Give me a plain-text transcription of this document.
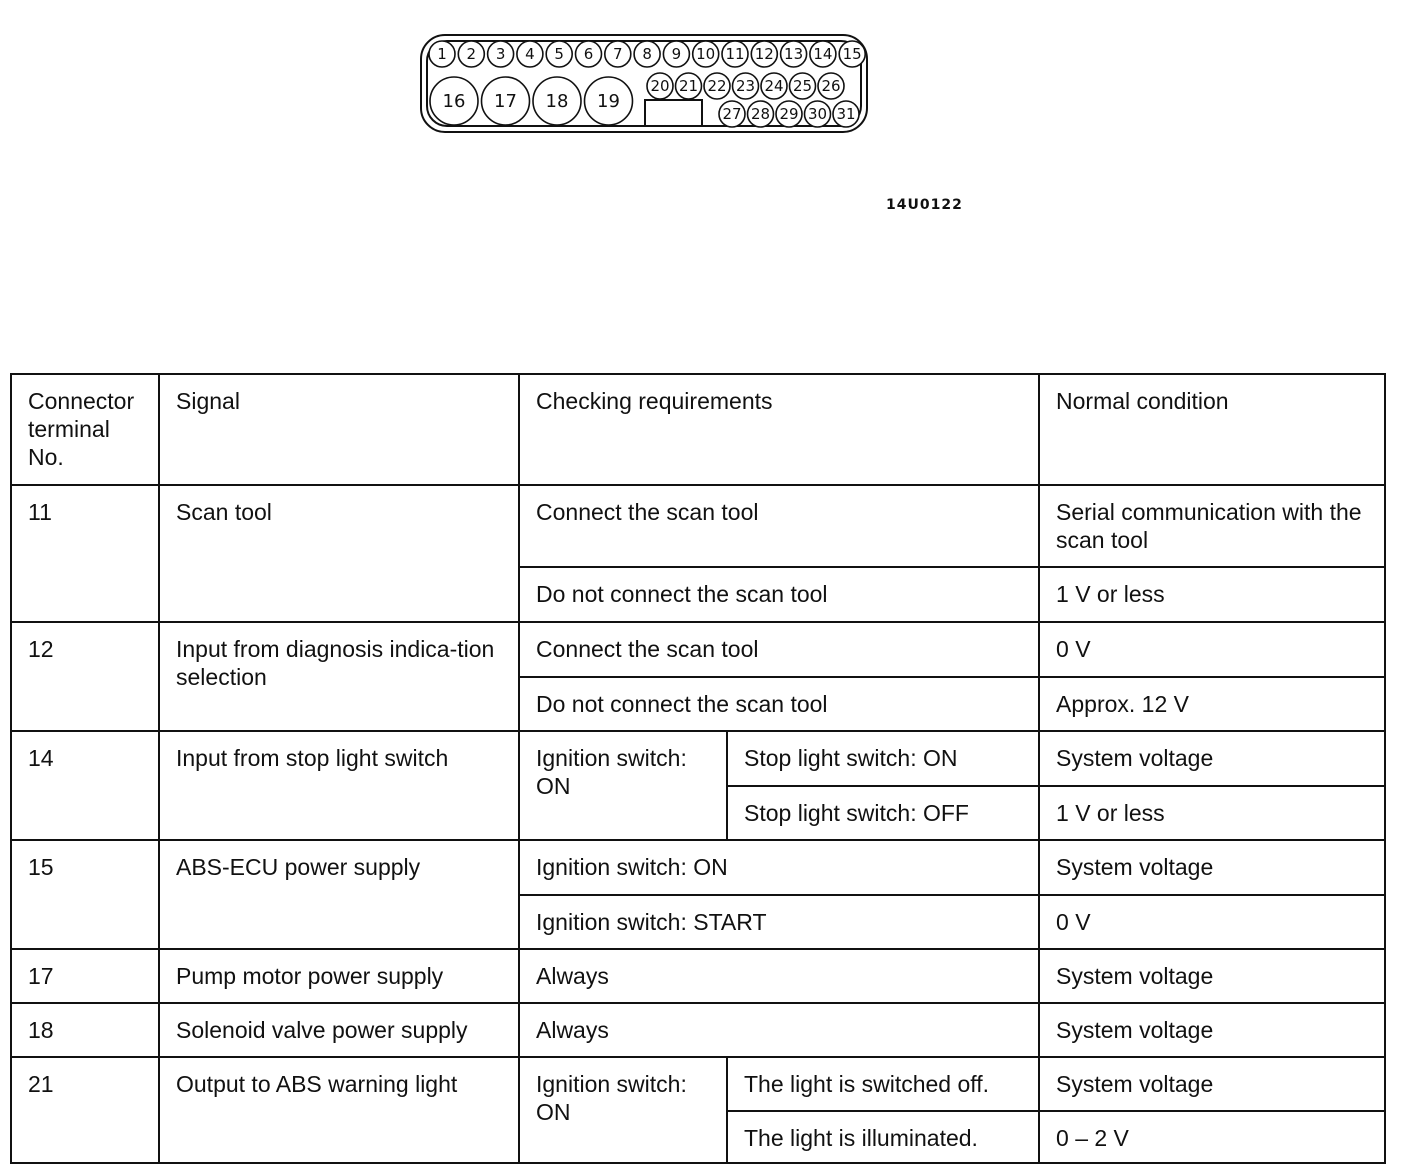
1 2 3 4 5 6 7 8 9 10 11 12 13 14 15
16 17 18 19
20 21 22 23 24 25 26
27 28 29 30 31
14U0122
Connector terminal No.	Signal	Checking requirements		Normal condition
11	Scan tool	Connect the scan tool		Serial communication with the scan tool
		Do not connect the scan tool		1 V or less
12	Input from diagnosis indica-tion selection	Connect the scan tool		0 V
		Do not connect the scan tool		Approx. 12 V
14	Input from stop light switch	Ignition switch: ON	Stop light switch: ON	System voltage
			Stop light switch: OFF	1 V or less
15	ABS-ECU power supply	Ignition switch: ON		System voltage
		Ignition switch: START		0 V
17	Pump motor power supply	Always		System voltage
18	Solenoid valve power supply	Always		System voltage
21	Output to ABS warning light	Ignition switch: ON	The light is switched off.	System voltage
			The light is illuminated.	0 – 2 V
